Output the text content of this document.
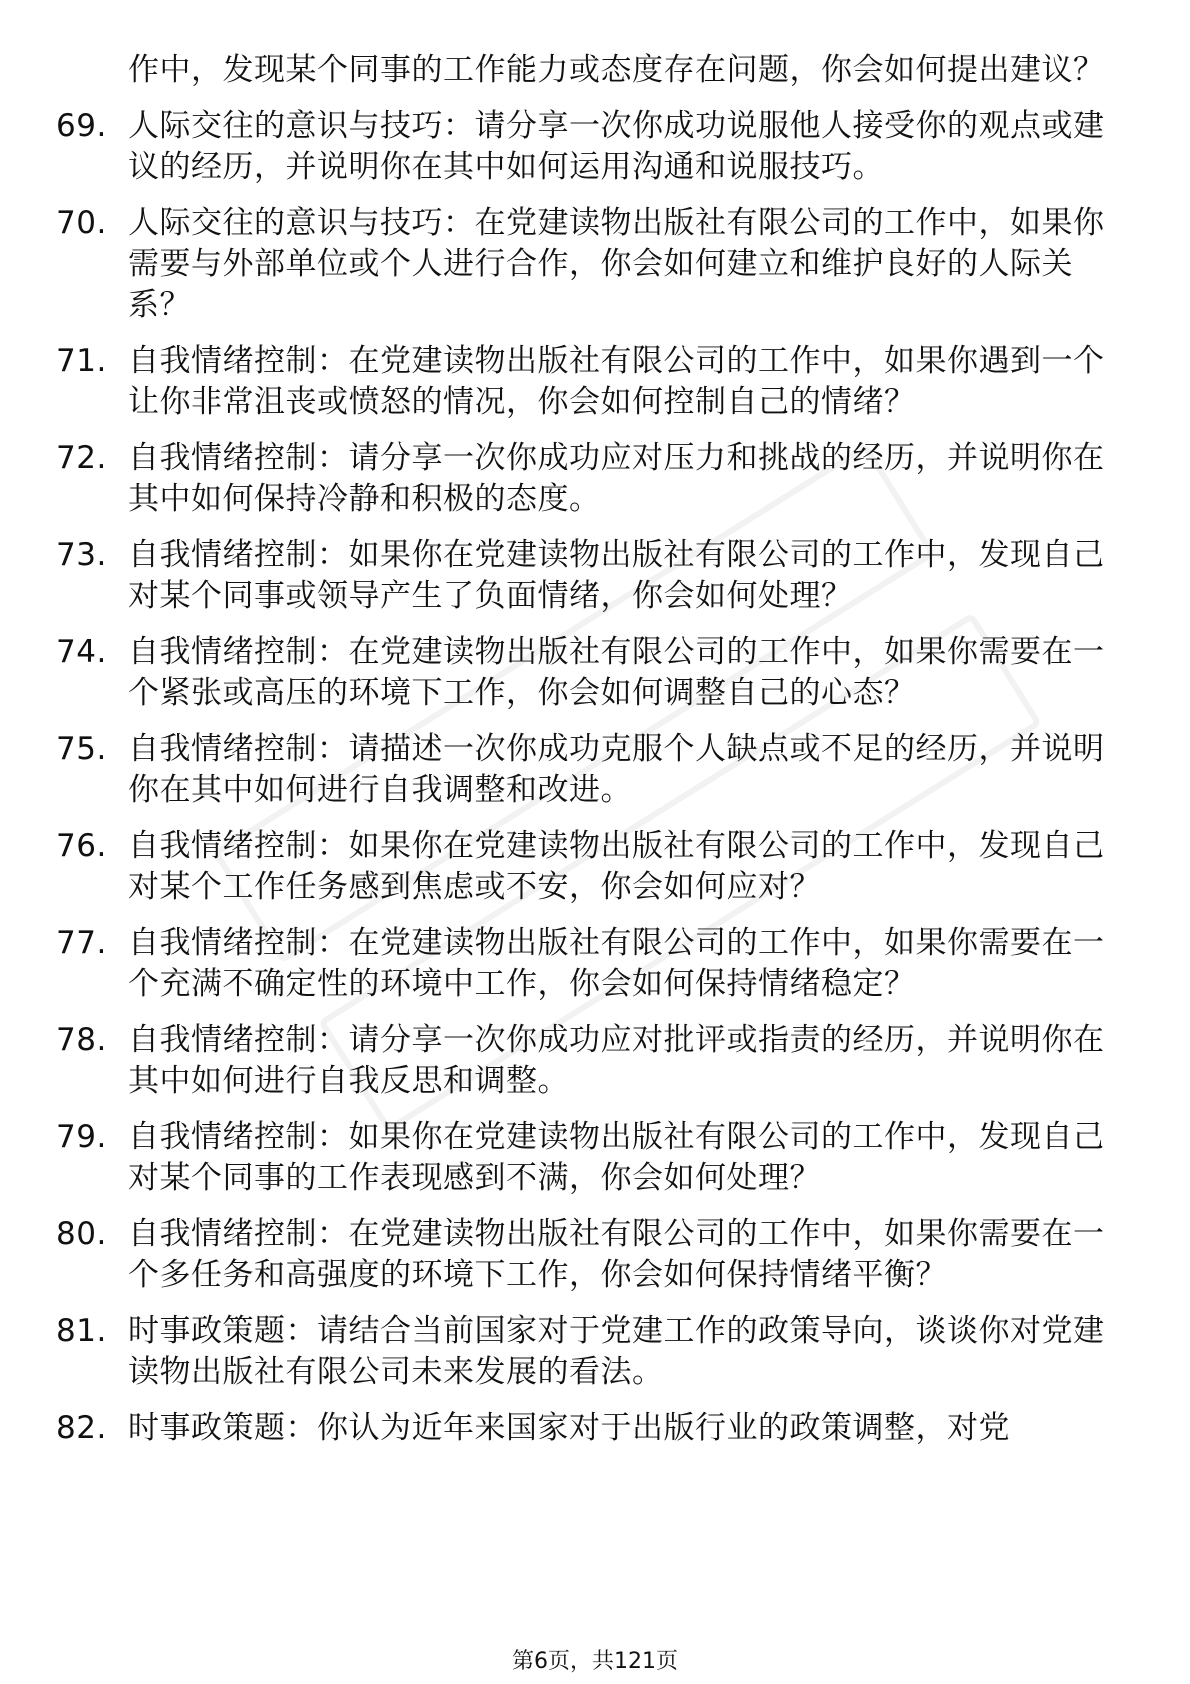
作中，发现某个同事的工作能力或态度存在问题，你会如何提出建议？
69. 人际交往的意识与技巧：请分享一次你成功说服他人接受你的观点或建议的经历，并说明你在其中如何运用沟通和说服技巧。
70. 人际交往的意识与技巧：在党建读物出版社有限公司的工作中，如果你需要与外部单位或个人进行合作，你会如何建立和维护良好的人际关系？
71. 自我情绪控制：在党建读物出版社有限公司的工作中，如果你遇到一个让你非常沮丧或愤怒的情况，你会如何控制自己的情绪？
72. 自我情绪控制：请分享一次你成功应对压力和挑战的经历，并说明你在其中如何保持冷静和积极的态度。
73. 自我情绪控制：如果你在党建读物出版社有限公司的工作中，发现自己对某个同事或领导产生了负面情绪，你会如何处理？
74. 自我情绪控制：在党建读物出版社有限公司的工作中，如果你需要在一个紧张或高压的环境下工作，你会如何调整自己的心态？
75. 自我情绪控制：请描述一次你成功克服个人缺点或不足的经历，并说明你在其中如何进行自我调整和改进。
76. 自我情绪控制：如果你在党建读物出版社有限公司的工作中，发现自己对某个工作任务感到焦虑或不安，你会如何应对？
77. 自我情绪控制：在党建读物出版社有限公司的工作中，如果你需要在一个充满不确定性的环境中工作，你会如何保持情绪稳定？
78. 自我情绪控制：请分享一次你成功应对批评或指责的经历，并说明你在其中如何进行自我反思和调整。
79. 自我情绪控制：如果你在党建读物出版社有限公司的工作中，发现自己对某个同事的工作表现感到不满，你会如何处理？
80. 自我情绪控制：在党建读物出版社有限公司的工作中，如果你需要在一个多任务和高强度的环境下工作，你会如何保持情绪平衡？
81. 时事政策题：请结合当前国家对于党建工作的政策导向，谈谈你对党建读物出版社有限公司未来发展的看法。
82. 时事政策题：你认为近年来国家对于出版行业的政策调整，对党
第6页，共121页
